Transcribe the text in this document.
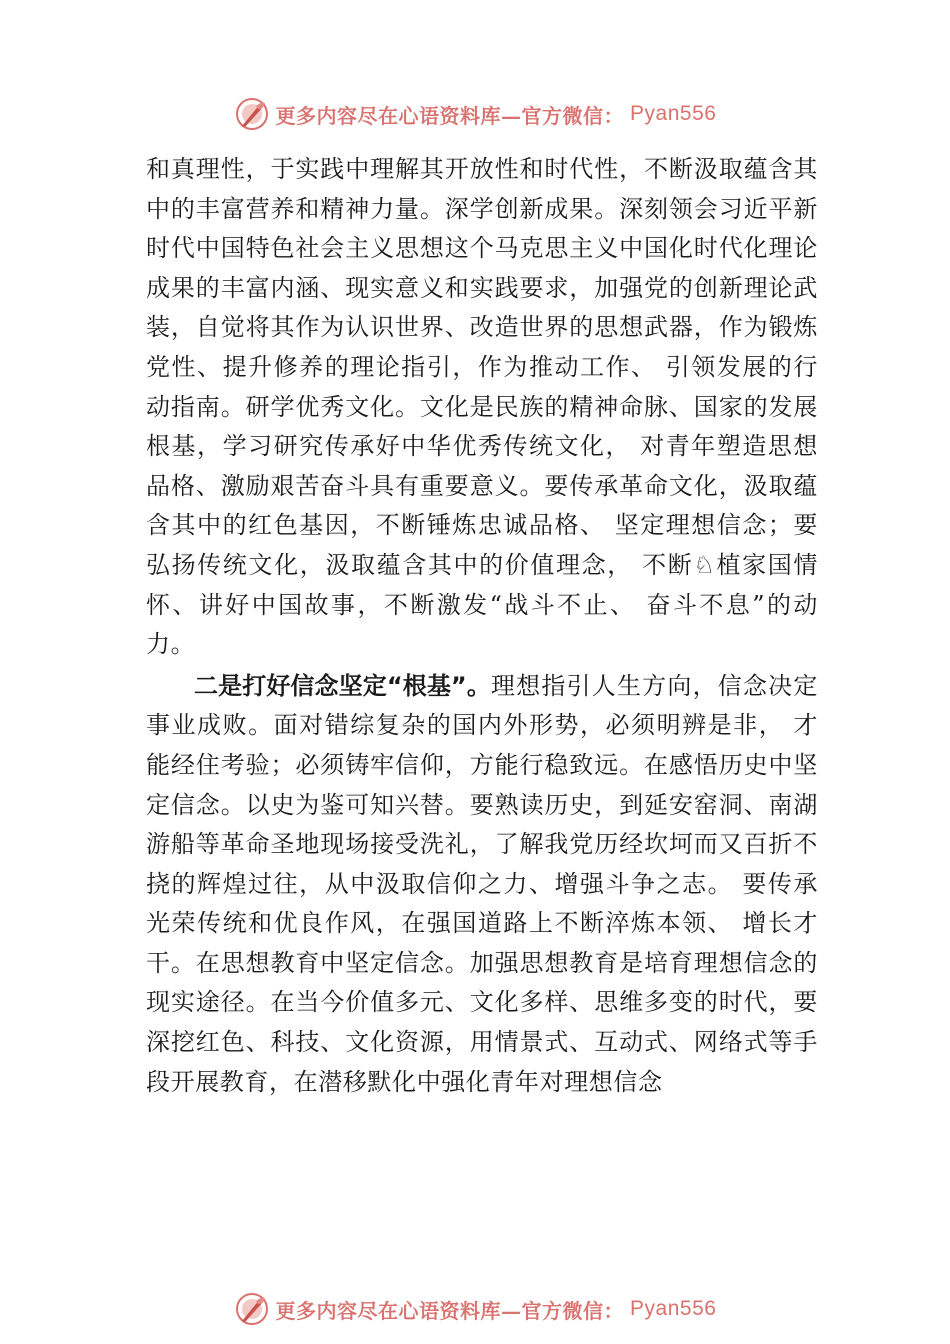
更多内容尽在心语资料库—官方微信： Pyan556

和真理性，于实践中理解其开放性和时代性，不断汲取蕴含其中的丰富营养和精神力量。深学创新成果。深刻领会习近平新时代中国特色社会主义思想这个马克思主义中国化时代化理论成果的丰富内涵、现实意义和实践要求，加强党的创新理论武装，自觉将其作为认识世界、改造世界的思想武器，作为锻炼党性、提升修养的理论指引，作为推动工作、 引领发展的行动指南。研学优秀文化。文化是民族的精神命脉、国家的发展根基，学习研究传承好中华优秀传统文化， 对青年塑造思想品格、激励艰苦奋斗具有重要意义。要传承革命文化，汲取蕴含其中的红色基因，不断锤炼忠诚品格、 坚定理想信念；要弘扬传统文化，汲取蕴含其中的价值理念， 不断♘植家国情怀、讲好中国故事，不断激发“战斗不止、 奋斗不息”的动力。

二是打好信念坚定“根基”。理想指引人生方向，信念决定事业成败。面对错综复杂的国内外形势，必须明辨是非， 才能经住考验；必须铸牢信仰，方能行稳致远。在感悟历史中坚定信念。以史为鉴可知兴替。要熟读历史，到延安窑洞、南湖游船等革命圣地现场接受洗礼，了解我党历经坎坷而又百折不挠的辉煌过往，从中汲取信仰之力、增强斗争之志。 要传承光荣传统和优良作风，在强国道路上不断淬炼本领、 增长才干。在思想教育中坚定信念。加强思想教育是培育理想信念的现实途径。在当今价值多元、文化多样、思维多变的时代，要深挖红色、科技、文化资源，用情景式、互动式、网络式等手段开展教育，在潜移默化中强化青年对理想信念

更多内容尽在心语资料库—官方微信： Pyan556
